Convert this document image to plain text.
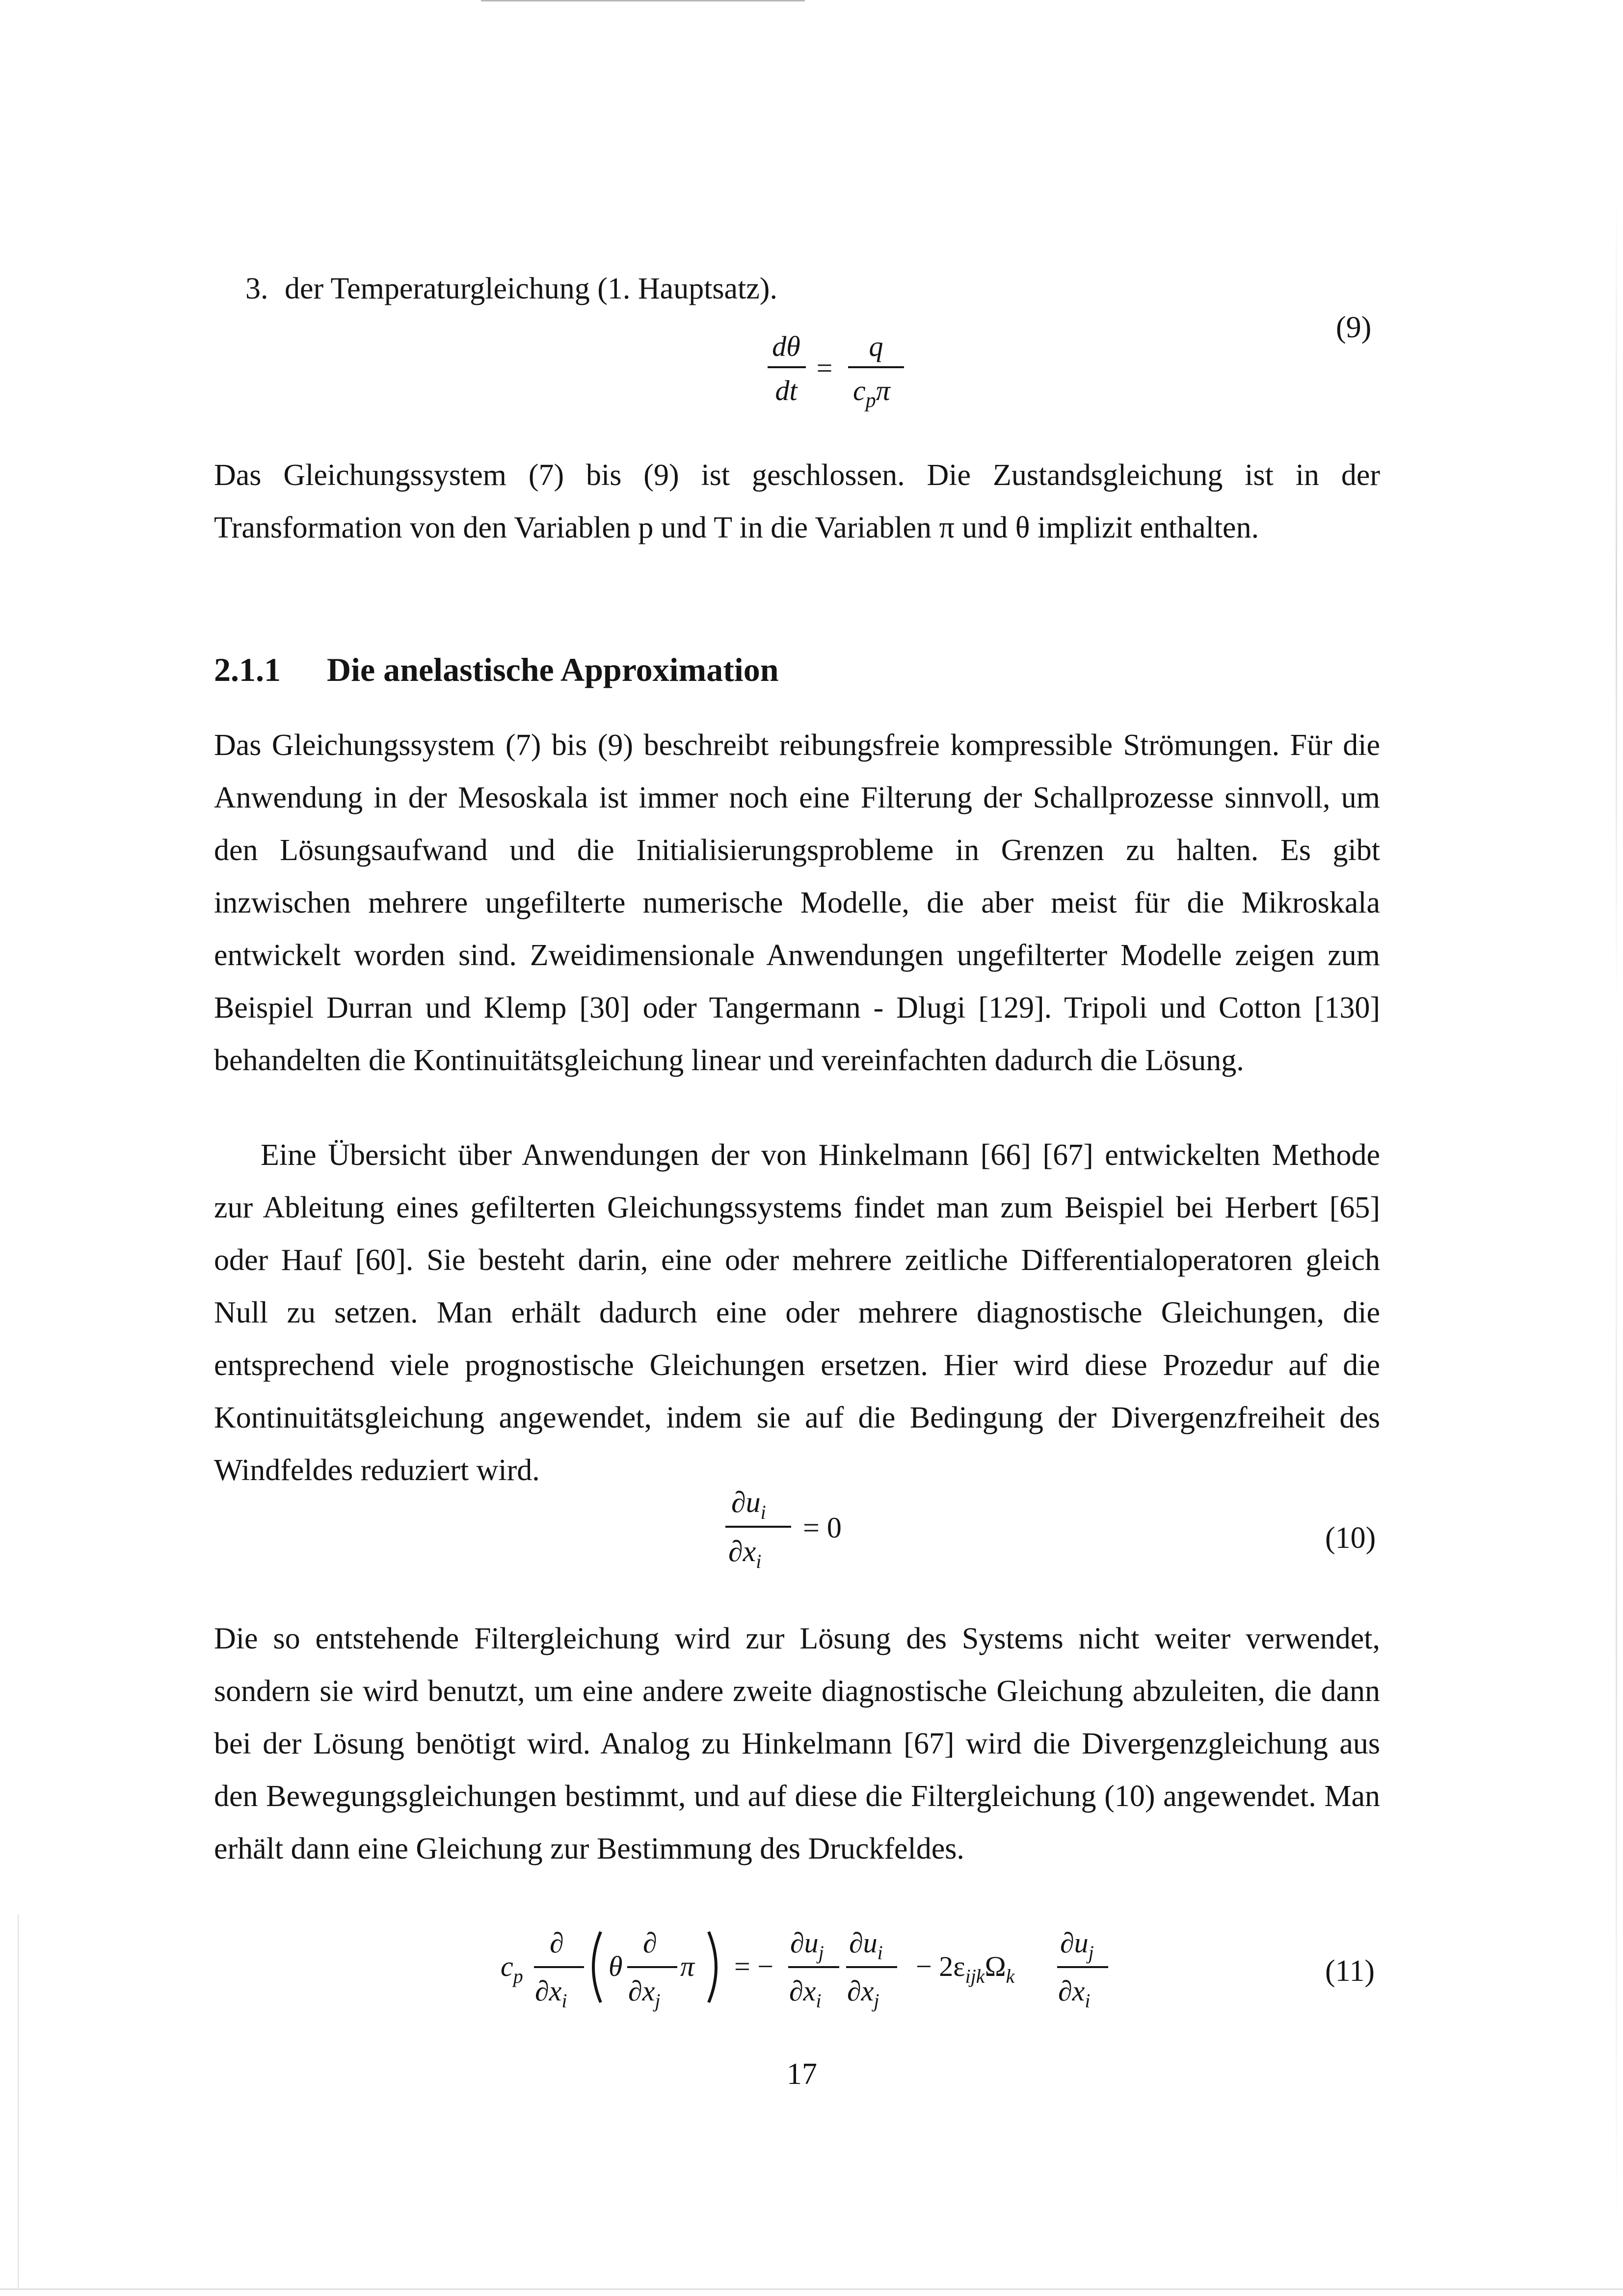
3. der Temperaturgleichung (1. Hauptsatz).
dθ
dt
=
q
$c_p\pi$
(9)

Das Gleichungssystem (7) bis (9) ist geschlossen. Die Zustandsgleichung ist in der Transformation von den Variablen p und T in die Variablen π und θ implizit enthalten.

2.1.1 Die anelastische Approximation

Das Gleichungssystem (7) bis (9) beschreibt reibungsfreie kompressible Strömungen. Für die Anwendung in der Mesoskala ist immer noch eine Filterung der Schallprozesse sinnvoll, um den Lösungsaufwand und die Initialisierungsprobleme in Grenzen zu halten. Es gibt inzwischen mehrere ungefilterte numerische Modelle, die aber meist für die Mikroskala entwickelt worden sind. Zweidimensionale Anwendungen ungefilterter Modelle zeigen zum Beispiel Durran und Klemp [30] oder Tangermann - Dlugi [129]. Tripoli und Cotton [130] behandelten die Kontinuitätsgleichung linear und vereinfachten dadurch die Lösung.

Eine Übersicht über Anwendungen der von Hinkelmann [66] [67] entwickelten Methode zur Ableitung eines gefilterten Gleichungssystems findet man zum Beispiel bei Herbert [65] oder Hauf [60]. Sie besteht darin, eine oder mehrere zeitliche Differentialoperatoren gleich Null zu setzen. Man erhält dadurch eine oder mehrere diagnostische Gleichungen, die entsprechend viele prognostische Gleichungen ersetzen. Hier wird diese Prozedur auf die Kontinuitätsgleichung angewendet, indem sie auf die Bedingung der Divergenzfreiheit des Windfeldes reduziert wird.

$\partial u_i$
$\partial x_i$
= 0	(10)

Die so entstehende Filtergleichung wird zur Lösung des Systems nicht weiter verwendet, sondern sie wird benutzt, um eine andere zweite diagnostische Gleichung abzuleiten, die dann bei der Lösung benötigt wird. Analog zu Hinkelmann [67] wird die Divergenzgleichung aus den Bewegungsgleichungen bestimmt, und auf diese die Filtergleichung (10) angewendet. Man erhält dann eine Gleichung zur Bestimmung des Druckfeldes.

$c_p$
∂
$\partial x_i$
θ
∂
$\partial x_j$
π = −
$\partial u_j$
$\partial x_i$
$\partial u_i$
$\partial x_j$
− $2\varepsilon_{ijk}\Omega_k$
$\partial u_j$
$\partial x_i$
(11)
17
